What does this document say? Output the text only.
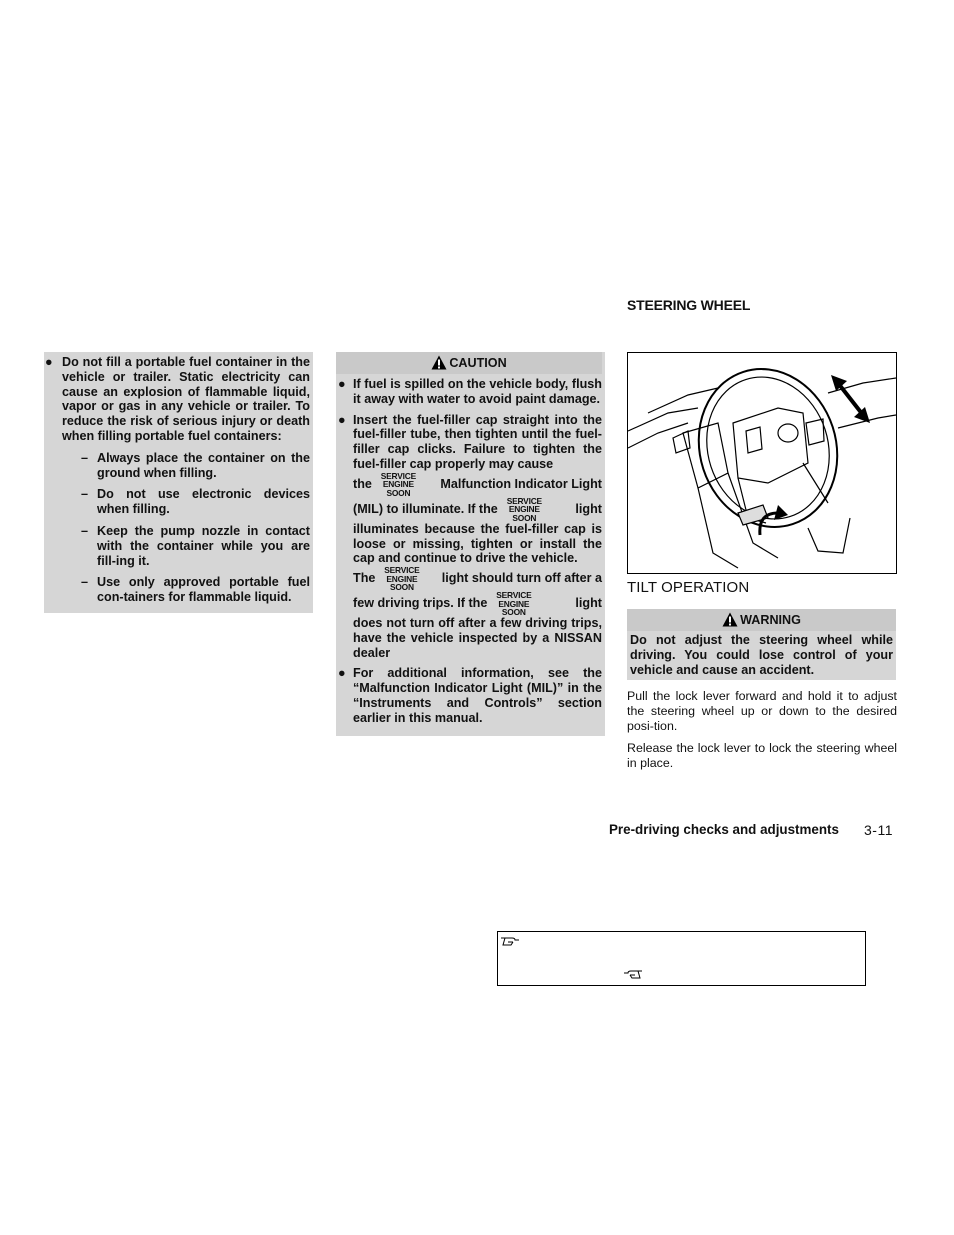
● Do not fill a portable fuel container in the vehicle or trailer. Static electricity can cause an explosion of flammable liquid, vapor or gas in any vehicle or trailer. To reduce the risk of serious injury or death when filling portable fuel containers:
– Always place the container on the ground when filling.
– Do not use electronic devices when filling.
– Keep the pump nozzle in contact with the container while you are fill-ing it.
– Use only approved portable fuel con-tainers for flammable liquid.
CAUTION
● If fuel is spilled on the vehicle body, flush it away with water to avoid paint damage.
● Insert the fuel-filler cap straight into the fuel-filler tube, then tighten until the fuel-filler cap clicks. Failure to tighten the fuel-filler cap properly may cause
the SERVICE
ENGINE
SOON
Malfunction Indicator Light
(MIL) to illuminate. If the SERVICE
ENGINE
SOON
light
illuminates because the fuel-filler cap is loose or missing, tighten or install the cap and continue to drive the vehicle.
The SERVICE
ENGINE
SOON
light should turn off after a
few driving trips. If the SERVICE
ENGINE
SOON
light
does not turn off after a few driving trips, have the vehicle inspected by a NISSAN dealer
● For additional information, see the “Malfunction Indicator Light (MIL)” in the “Instruments and Controls” section earlier in this manual.
STEERING WHEEL
TILT OPERATION
WARNING
Do not adjust the steering wheel while driving. You could lose control of your vehicle and cause an accident.
Pull the lock lever forward and hold it to adjust the steering wheel up or down to the desired posi-tion.
Release the lock lever to lock the steering wheel in place.
Pre-driving checks and adjustments 3-11
